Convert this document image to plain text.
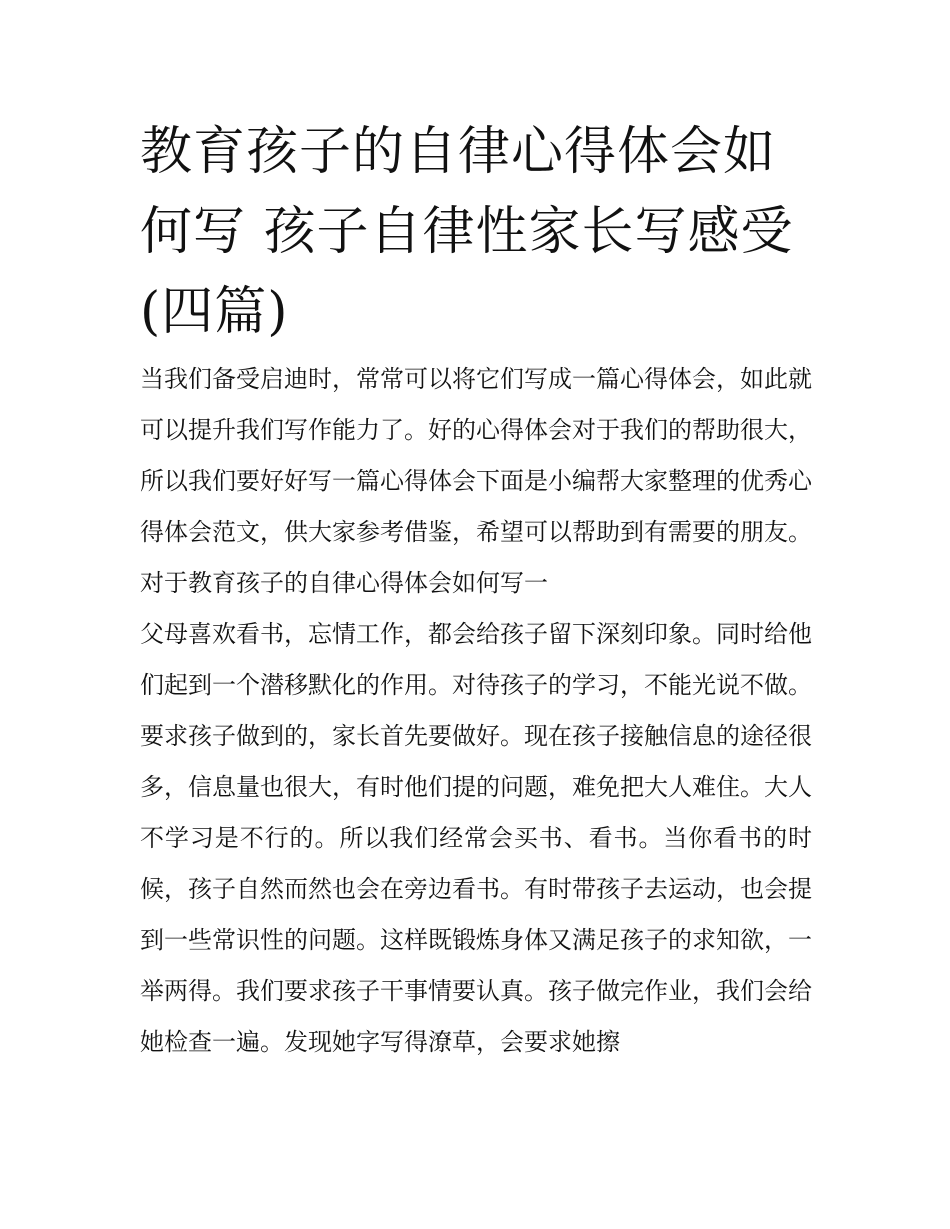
教育孩子的自律心得体会如何写 孩子自律性家长写感受(四篇)

当我们备受启迪时，常常可以将它们写成一篇心得体会，如此就可以提升我们写作能力了。好的心得体会对于我们的帮助很大，所以我们要好好写一篇心得体会下面是小编帮大家整理的优秀心得体会范文，供大家参考借鉴，希望可以帮助到有需要的朋友。

对于教育孩子的自律心得体会如何写一

父母喜欢看书，忘情工作，都会给孩子留下深刻印象。同时给他们起到一个潜移默化的作用。对待孩子的学习，不能光说不做。要求孩子做到的，家长首先要做好。现在孩子接触信息的途径很多，信息量也很大，有时他们提的问题，难免把大人难住。大人不学习是不行的。所以我们经常会买书、看书。当你看书的时候，孩子自然而然也会在旁边看书。有时带孩子去运动，也会提到一些常识性的问题。这样既锻炼身体又满足孩子的求知欲，一举两得。我们要求孩子干事情要认真。孩子做完作业，我们会给她检查一遍。发现她字写得潦草，会要求她擦
